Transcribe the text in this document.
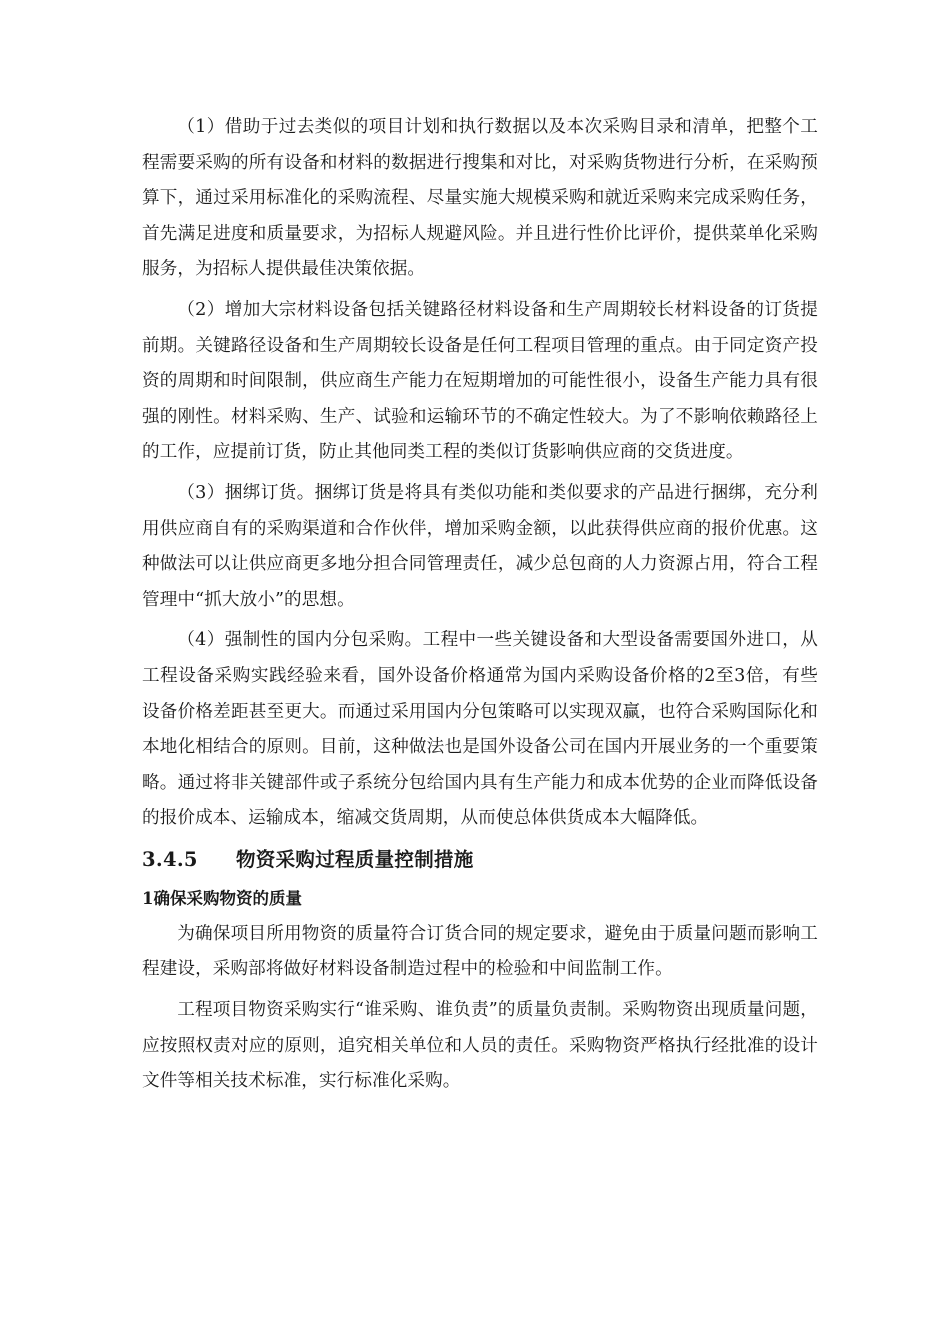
（1）借助于过去类似的项目计划和执行数据以及本次采购目录和清单，把整个工程需要采购的所有设备和材料的数据进行搜集和对比，对采购货物进行分析，在采购预算下，通过采用标准化的采购流程、尽量实施大规模采购和就近采购来完成采购任务，首先满足进度和质量要求，为招标人规避风险。并且进行性价比评价，提供菜单化采购服务，为招标人提供最佳决策依据。

（2）增加大宗材料设备包括关键路径材料设备和生产周期较长材料设备的订货提前期。关键路径设备和生产周期较长设备是任何工程项目管理的重点。由于同定资产投资的周期和时间限制，供应商生产能力在短期增加的可能性很小，设备生产能力具有很强的刚性。材料采购、生产、试验和运输环节的不确定性较大。为了不影响依赖路径上的工作，应提前订货，防止其他同类工程的类似订货影响供应商的交货进度。

（3）捆绑订货。捆绑订货是将具有类似功能和类似要求的产品进行捆绑，充分利用供应商自有的采购渠道和合作伙伴，增加采购金额，以此获得供应商的报价优惠。这种做法可以让供应商更多地分担合同管理责任，减少总包商的人力资源占用，符合工程管理中“抓大放小”的思想。

（4）强制性的国内分包采购。工程中一些关键设备和大型设备需要国外进口，从工程设备采购实践经验来看，国外设备价格通常为国内采购设备价格的2至3倍，有些设备价格差距甚至更大。而通过采用国内分包策略可以实现双赢，也符合采购国际化和本地化相结合的原则。目前，这种做法也是国外设备公司在国内开展业务的一个重要策略。通过将非关键部件或子系统分包给国内具有生产能力和成本优势的企业而降低设备的报价成本、运输成本，缩减交货周期，从而使总体供货成本大幅降低。

3.4.5 物资采购过程质量控制措施
1确保采购物资的质量

为确保项目所用物资的质量符合订货合同的规定要求，避免由于质量问题而影响工程建设，采购部将做好材料设备制造过程中的检验和中间监制工作。

工程项目物资采购实行“谁采购、谁负责”的质量负责制。采购物资出现质量问题，应按照权责对应的原则，追究相关单位和人员的责任。采购物资严格执行经批准的设计文件等相关技术标准，实行标准化采购。
